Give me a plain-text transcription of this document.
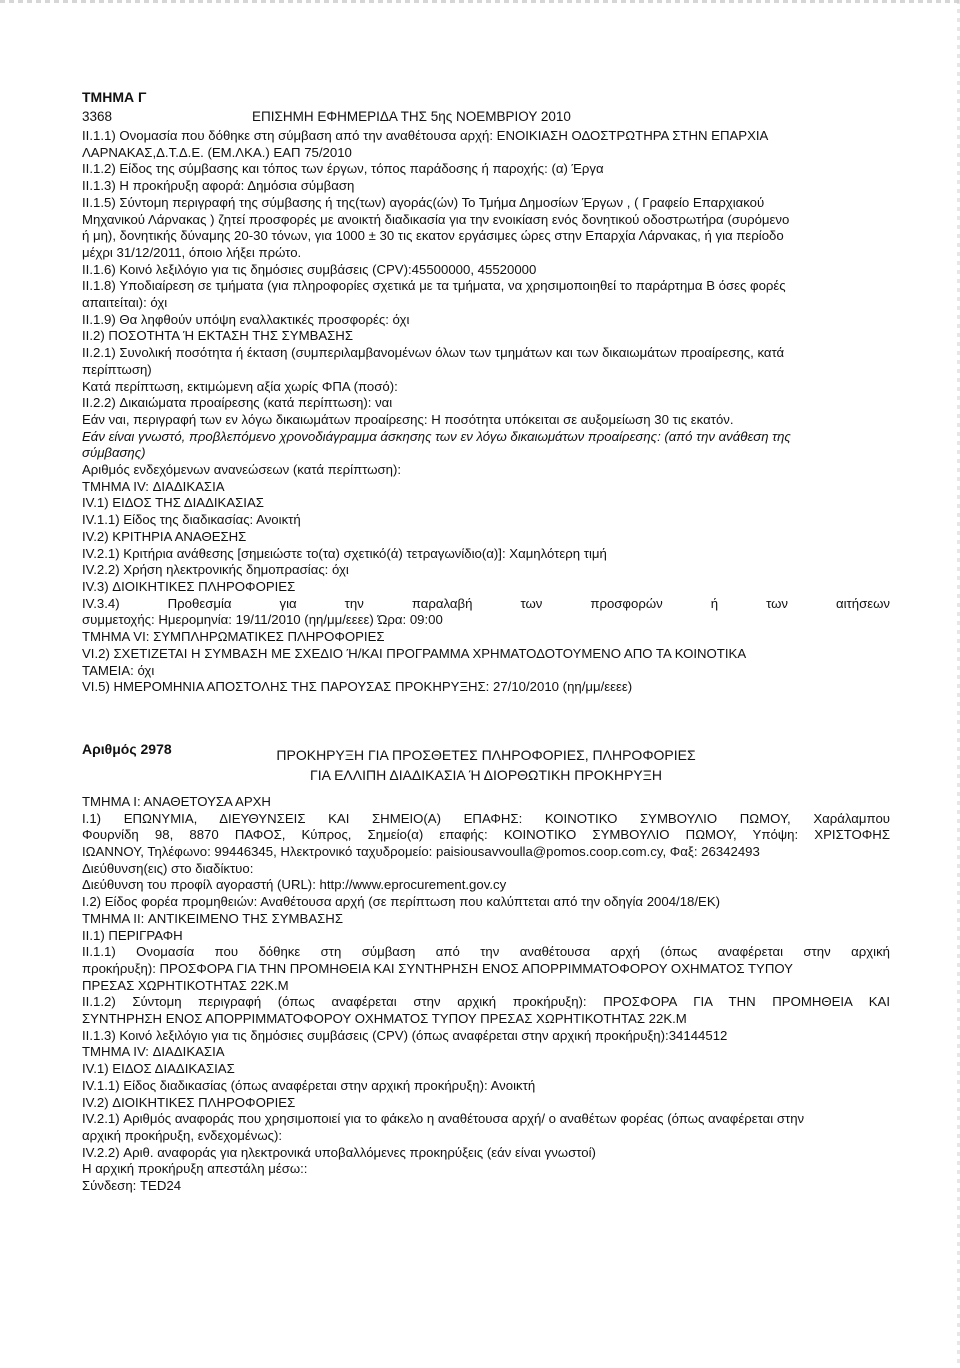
ΤΜΗΜΑ Γ
3368	ΕΠΙΣΗΜΗ ΕΦΗΜΕΡΙΔΑ ΤΗΣ 5ης ΝΟΕΜΒΡΙΟΥ 2010
II.1.1) Ονομασία που δόθηκε στη σύμβαση από την αναθέτουσα αρχή: ΕΝΟΙΚΙΑΣΗ ΟΔΟΣΤΡΩΤΗΡΑ ΣΤΗΝ ΕΠΑΡΧΙΑ
ΛΑΡΝΑΚΑΣ,Δ.Τ.Δ.Ε. (ΕΜ.ΛΚΑ.) ΕΑΠ 75/2010
II.1.2) Είδος της σύμβασης και τόπος των έργων, τόπος παράδοσης ή παροχής: (α) Έργα
II.1.3) Η προκήρυξη αφορά: Δημόσια σύμβαση
II.1.5) Σύντομη περιγραφή της σύμβασης ή της(των) αγοράς(ών) Το Τμήμα Δημοσίων Έργων , ( Γραφείο Επαρχιακού
Μηχανικού Λάρνακας ) ζητεί προσφορές με ανοικτή διαδικασία για την ενοικίαση ενός δονητικού οδοστρωτήρα (συρόμενο
ή μη), δονητικής δύναμης 20-30 τόνων, για 1000 ± 30 τις εκατον εργάσιμες ώρες στην Επαρχία Λάρνακας, ή για περίοδο
μέχρι 31/12/2011, όποιο λήξει πρώτο.
II.1.6) Κοινό λεξιλόγιο για τις δημόσιες συμβάσεις (CPV):45500000, 45520000
II.1.8) Υποδιαίρεση σε τμήματα (για πληροφορίες σχετικά με τα τμήματα, να χρησιμοποιηθεί το παράρτημα Β όσες φορές
απαιτείται): όχι
II.1.9) Θα ληφθούν υπόψη εναλλακτικές προσφορές: όχι
II.2) ΠΟΣΟΤΗΤΑ Ή ΕΚΤΑΣΗ ΤΗΣ ΣΥΜΒΑΣΗΣ
II.2.1) Συνολική ποσότητα ή έκταση (συμπεριλαμβανομένων όλων των τμημάτων και των δικαιωμάτων προαίρεσης, κατά
περίπτωση)
Κατά περίπτωση, εκτιμώμενη αξία χωρίς ΦΠΑ (ποσό):
II.2.2) Δικαιώματα προαίρεσης (κατά περίπτωση): ναι
Εάν ναι, περιγραφή των εν λόγω δικαιωμάτων προαίρεσης: Η ποσότητα υπόκειται σε αυξομείωση 30 τις εκατόν.
Εάν είναι γνωστό, προβλεπόμενο χρονοδιάγραμμα άσκησης των εν λόγω δικαιωμάτων προαίρεσης: (από την ανάθεση της
σύμβασης)
Αριθμός ενδεχόμενων ανανεώσεων (κατά περίπτωση):
ΤΜΗΜΑ IV: ΔΙΑΔΙΚΑΣΙΑ
IV.1) ΕΙΔΟΣ ΤΗΣ ΔΙΑΔΙΚΑΣΙΑΣ
IV.1.1) Είδος της διαδικασίας: Ανοικτή
IV.2) ΚΡΙΤΗΡΙΑ ΑΝΑΘΕΣΗΣ
IV.2.1) Κριτήρια ανάθεσης [σημειώστε το(τα) σχετικό(ά) τετραγωνίδιο(α)]: Χαμηλότερη τιμή
IV.2.2) Χρήση ηλεκτρονικής δημοπρασίας: όχι
IV.3) ΔΙΟΙΚΗΤΙΚΕΣ ΠΛΗΡΟΦΟΡΙΕΣ
IV.3.4) Προθεσμία για την παραλαβή των προσφορών ή των αιτήσεων
συμμετοχής: Ημερομηνία: 19/11/2010 (ηη/μμ/εεεε) Ώρα: 09:00
ΤΜΗΜΑ VI: ΣΥΜΠΛΗΡΩΜΑΤΙΚΕΣ ΠΛΗΡΟΦΟΡΙΕΣ
VI.2) ΣΧΕΤΙΖΕΤΑΙ Η ΣΥΜΒΑΣΗ ΜΕ ΣΧΕΔΙΟ Ή/ΚΑΙ ΠΡΟΓΡΑΜΜΑ ΧΡΗΜΑΤΟΔΟΤΟΥΜΕΝΟ ΑΠΟ ΤΑ ΚΟΙΝΟΤΙΚΑ
ΤΑΜΕΙΑ: όχι
VI.5) ΗΜΕΡΟΜΗΝΙΑ ΑΠΟΣΤΟΛΗΣ ΤΗΣ ΠΑΡΟΥΣΑΣ ΠΡΟΚΗΡΥΞΗΣ: 27/10/2010 (ηη/μμ/εεεε)
Αριθμός 2978	ΠΡΟΚΗΡΥΞΗ ΓΙΑ ΠΡΟΣΘΕΤΕΣ ΠΛΗΡΟΦΟΡΙΕΣ, ΠΛΗΡΟΦΟΡΙΕΣ
ΓΙΑ ΕΛΛΙΠΗ ΔΙΑΔΙΚΑΣΙΑ Ή ΔΙΟΡΘΩΤΙΚΗ ΠΡΟΚΗΡΥΞΗ
ΤΜΗΜΑ Ι: ΑΝΑΘΕΤΟΥΣΑ ΑΡΧΗ
I.1) ΕΠΩΝΥΜΙΑ, ΔΙΕΥΘΥΝΣΕΙΣ ΚΑΙ ΣΗΜΕΙΟ(Α) ΕΠΑΦΗΣ: ΚΟΙΝΟΤΙΚΟ ΣΥΜΒΟΥΛΙΟ ΠΩΜΟΥ, Χαράλαμπου
Φουρνίδη 98, 8870 ΠΑΦΟΣ, Κύπρος, Σημείο(α) επαφής: ΚΟΙΝΟΤΙΚΟ ΣΥΜΒΟΥΛΙΟ ΠΩΜΟΥ, Υπόψη: ΧΡΙΣΤΟΦΗΣ
ΙΩΑΝΝΟΥ, Τηλέφωνο: 99446345, Ηλεκτρονικό ταχυδρομείο: paisiousavvoulla@pomos.coop.com.cy, Φαξ: 26342493
Διεύθυνση(εις) στο διαδίκτυο:
Διεύθυνση του προφίλ αγοραστή (URL): http://www.eprocurement.gov.cy
I.2) Είδος φορέα προμηθειών: Αναθέτουσα αρχή (σε περίπτωση που καλύπτεται από την οδηγία 2004/18/ΕΚ)
ΤΜΗΜΑ II: ΑΝΤΙΚΕΙΜΕΝΟ ΤΗΣ ΣΥΜΒΑΣΗΣ
II.1) ΠΕΡΙΓΡΑΦΗ
II.1.1) Ονομασία που δόθηκε στη σύμβαση από την αναθέτουσα αρχή (όπως αναφέρεται στην αρχική
προκήρυξη): ΠΡΟΣΦΟΡΑ ΓΙΑ ΤΗΝ ΠΡΟΜΗΘΕΙΑ ΚΑΙ ΣΥΝΤΗΡΗΣΗ ΕΝΟΣ ΑΠΟΡΡΙΜΜΑΤΟΦΟΡΟΥ ΟΧΗΜΑΤΟΣ ΤΥΠΟΥ
ΠΡΕΣΑΣ ΧΩΡΗΤΙΚΟΤΗΤΑΣ 22Κ.Μ
II.1.2) Σύντομη περιγραφή (όπως αναφέρεται στην αρχική προκήρυξη): ΠΡΟΣΦΟΡΑ ΓΙΑ ΤΗΝ ΠΡΟΜΗΘΕΙΑ ΚΑΙ
ΣΥΝΤΗΡΗΣΗ ΕΝΟΣ ΑΠΟΡΡΙΜΜΑΤΟΦΟΡΟΥ ΟΧΗΜΑΤΟΣ ΤΥΠΟΥ ΠΡΕΣΑΣ ΧΩΡΗΤΙΚΟΤΗΤΑΣ 22Κ.Μ
II.1.3) Κοινό λεξιλόγιο για τις δημόσιες συμβάσεις (CPV) (όπως αναφέρεται στην αρχική προκήρυξη):34144512
ΤΜΗΜΑ IV: ΔΙΑΔΙΚΑΣΙΑ
IV.1) ΕΙΔΟΣ ΔΙΑΔΙΚΑΣΙΑΣ
IV.1.1) Είδος διαδικασίας (όπως αναφέρεται στην αρχική προκήρυξη): Ανοικτή
IV.2) ΔΙΟΙΚΗΤΙΚΕΣ ΠΛΗΡΟΦΟΡΙΕΣ
IV.2.1) Αριθμός αναφοράς που χρησιμοποιεί για το φάκελο η αναθέτουσα αρχή/ ο αναθέτων φορέας (όπως αναφέρεται στην
αρχική προκήρυξη, ενδεχομένως):
IV.2.2) Αριθ. αναφοράς για ηλεκτρονικά υποβαλλόμενες προκηρύξεις (εάν είναι γνωστοί)
Η αρχική προκήρυξη απεστάλη μέσω::
Σύνδεση: TED24
